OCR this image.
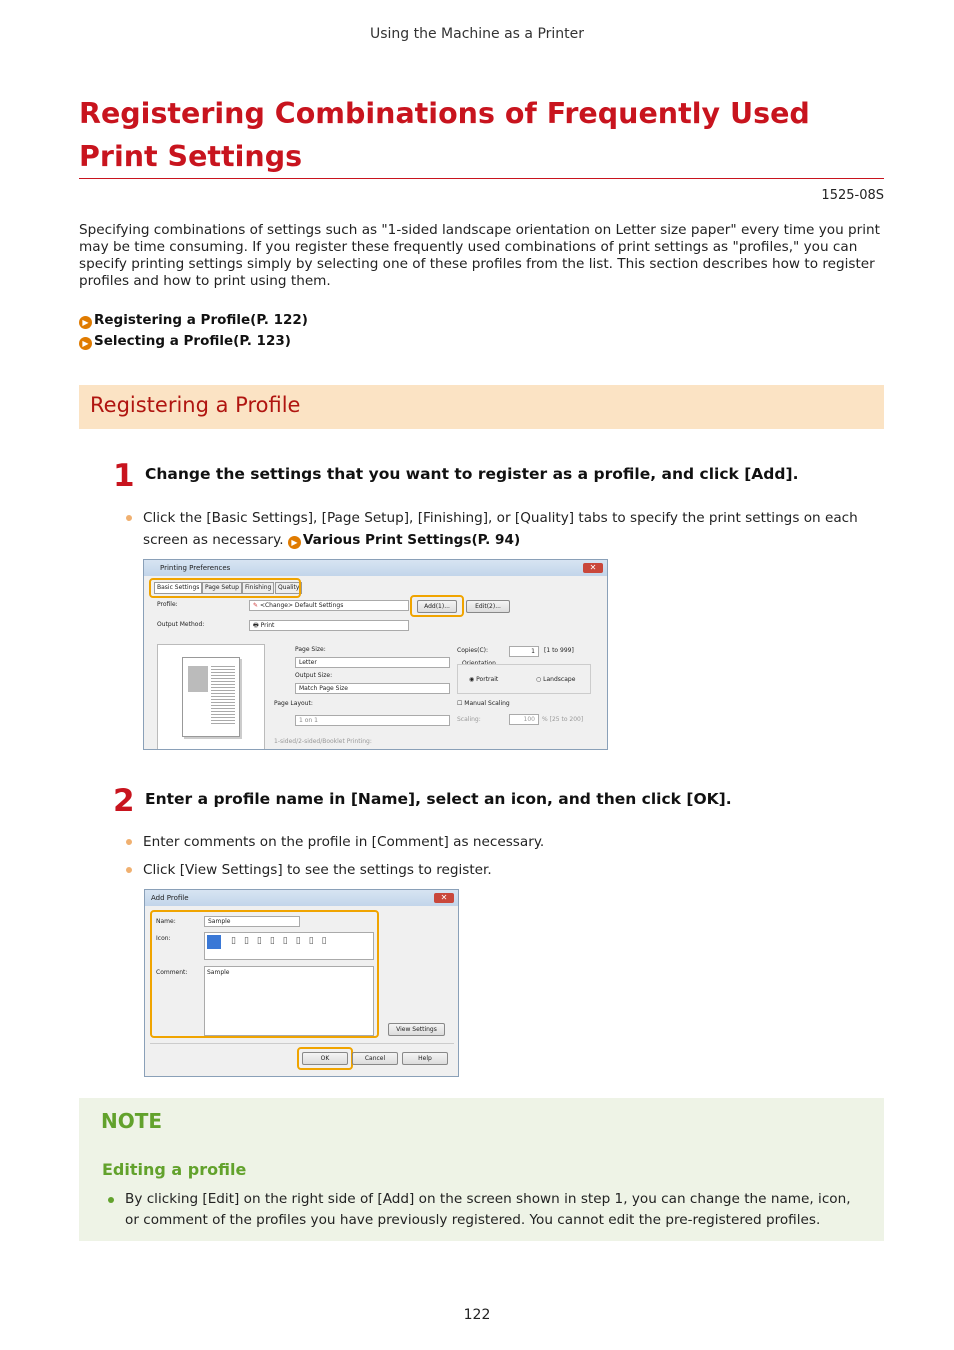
Using the Machine as a Printer
Registering Combinations of Frequently Used Print Settings
1525-08S
Specifying combinations of settings such as "1-sided landscape orientation on Letter size paper" every time you print may be time consuming. If you register these frequently used combinations of print settings as "profiles," you can specify printing settings simply by selecting one of these profiles from the list. This section describes how to register profiles and how to print using them.
▶ Registering a Profile(P. 122)
▶ Selecting a Profile(P. 123)
Registering a Profile
1 Change the settings that you want to register as a profile, and click [Add].
Click the [Basic Settings], [Page Setup], [Finishing], or [Quality] tabs to specify the print settings on each screen as necessary. ▶ Various Print Settings(P. 94)
Printing Preferences	✕
Basic Settings Page Setup	Finishing	Quality
Profile:	✎ <Change> Default Settings	Add(1)...	Edit(2)...
Output Method:	🖶 Print
Page Size:
Letter
Output Size:
Match Page Size
Page Layout:
1 on 1
1-sided/2-sided/Booklet Printing:
Copies(C):	1	[1 to 999]
Orientation
◉ Portrait	○ Landscape
☐ Manual Scaling
Scaling:	100	% [25 to 200]
2 Enter a profile name in [Name], select an icon, and then click [OK].
Enter comments on the profile in [Comment] as necessary.
Click [View Settings] to see the settings to register.
Add Profile	✕
Name:	Sample
Icon:	▯▯▯▯▯▯▯▯
Comment:	Sample
View Settings
OK	Cancel	Help
NOTE
Editing a profile
By clicking [Edit] on the right side of [Add] on the screen shown in step 1, you can change the name, icon, or comment of the profiles you have previously registered. You cannot edit the pre-registered profiles.
122
